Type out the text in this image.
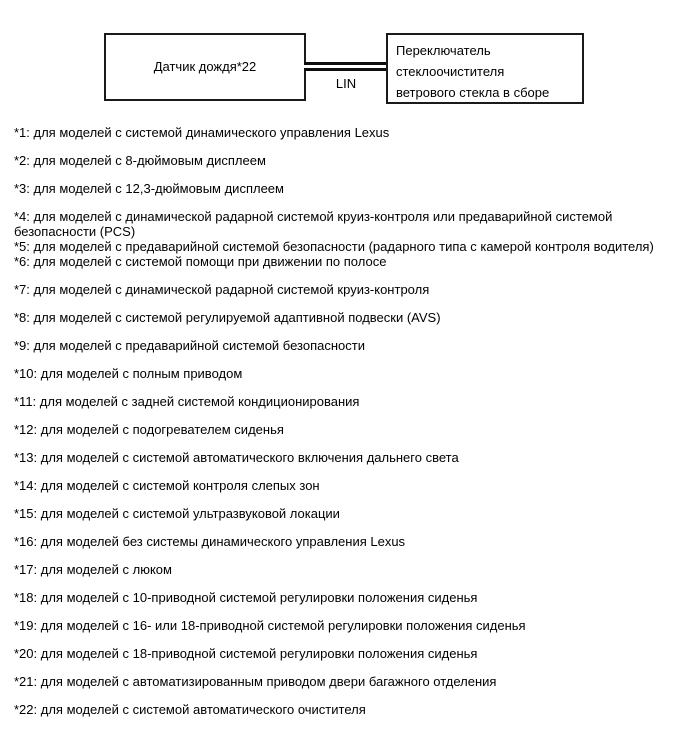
Датчик дождя*22
LIN
Переключатель
стеклоочистителя
ветрового стекла в сборе

*1: для моделей с системой динамического управления Lexus

*2: для моделей с 8-дюймовым дисплеем

*3: для моделей с 12,3-дюймовым дисплеем

*4: для моделей с динамической радарной системой круиз-контроля или предаварийной системой безопасности (PCS)

*5: для моделей с предаварийной системой безопасности (радарного типа с камерой контроля водителя)

*6: для моделей с системой помощи при движении по полосе

*7: для моделей с динамической радарной системой круиз-контроля

*8: для моделей с системой регулируемой адаптивной подвески (AVS)

*9: для моделей с предаварийной системой безопасности

*10: для моделей с полным приводом

*11: для моделей с задней системой кондиционирования

*12: для моделей с подогревателем сиденья

*13: для моделей с системой автоматического включения дальнего света

*14: для моделей с системой контроля слепых зон

*15: для моделей с системой ультразвуковой локации

*16: для моделей без системы динамического управления Lexus

*17: для моделей с люком

*18: для моделей с 10-приводной системой регулировки положения сиденья

*19: для моделей с 16- или 18-приводной системой регулировки положения сиденья

*20: для моделей с 18-приводной системой регулировки положения сиденья

*21: для моделей с автоматизированным приводом двери багажного отделения

*22: для моделей с системой автоматического очистителя
